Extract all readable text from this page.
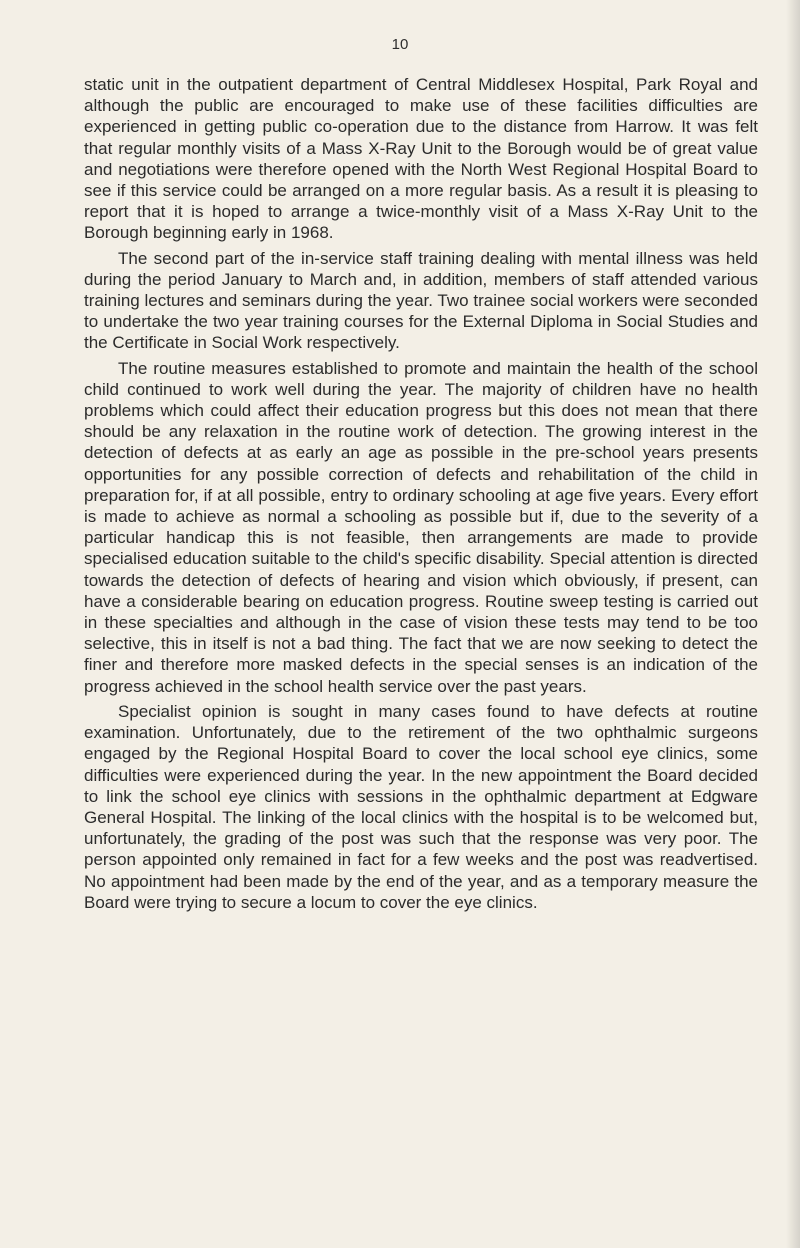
10

static unit in the outpatient department of Central Middlesex Hospital, Park Royal and although the public are encouraged to make use of these facilities difficulties are experienced in getting public co-operation due to the distance from Harrow. It was felt that regular monthly visits of a Mass X-Ray Unit to the Borough would be of great value and negotiations were therefore opened with the North West Regional Hospital Board to see if this service could be arranged on a more regular basis. As a result it is pleasing to report that it is hoped to arrange a twice-monthly visit of a Mass X-Ray Unit to the Borough beginning early in 1968.

The second part of the in-service staff training dealing with mental illness was held during the period January to March and, in addition, members of staff attended various training lectures and seminars during the year. Two trainee social workers were seconded to undertake the two year training courses for the External Diploma in Social Studies and the Certificate in Social Work respectively.

The routine measures established to promote and maintain the health of the school child continued to work well during the year. The majority of children have no health problems which could affect their education progress but this does not mean that there should be any relaxation in the routine work of detection. The growing interest in the detection of defects at as early an age as possible in the pre-school years presents opportunities for any possible correction of defects and rehabilitation of the child in preparation for, if at all possible, entry to ordinary schooling at age five years. Every effort is made to achieve as normal a schooling as possible but if, due to the severity of a particular handicap this is not feasible, then arrangements are made to provide specialised education suitable to the child's specific disability. Special attention is directed towards the detection of defects of hearing and vision which obviously, if present, can have a considerable bearing on education progress. Routine sweep testing is carried out in these specialties and although in the case of vision these tests may tend to be too selective, this in itself is not a bad thing. The fact that we are now seeking to detect the finer and therefore more masked defects in the special senses is an indication of the progress achieved in the school health service over the past years.

Specialist opinion is sought in many cases found to have defects at routine examination. Unfortunately, due to the retirement of the two ophthalmic surgeons engaged by the Regional Hospital Board to cover the local school eye clinics, some difficulties were experienced during the year. In the new appointment the Board decided to link the school eye clinics with sessions in the ophthalmic department at Edgware General Hospital. The linking of the local clinics with the hospital is to be welcomed but, unfortunately, the grading of the post was such that the response was very poor. The person appointed only remained in fact for a few weeks and the post was readvertised. No appointment had been made by the end of the year, and as a temporary measure the Board were trying to secure a locum to cover the eye clinics.
